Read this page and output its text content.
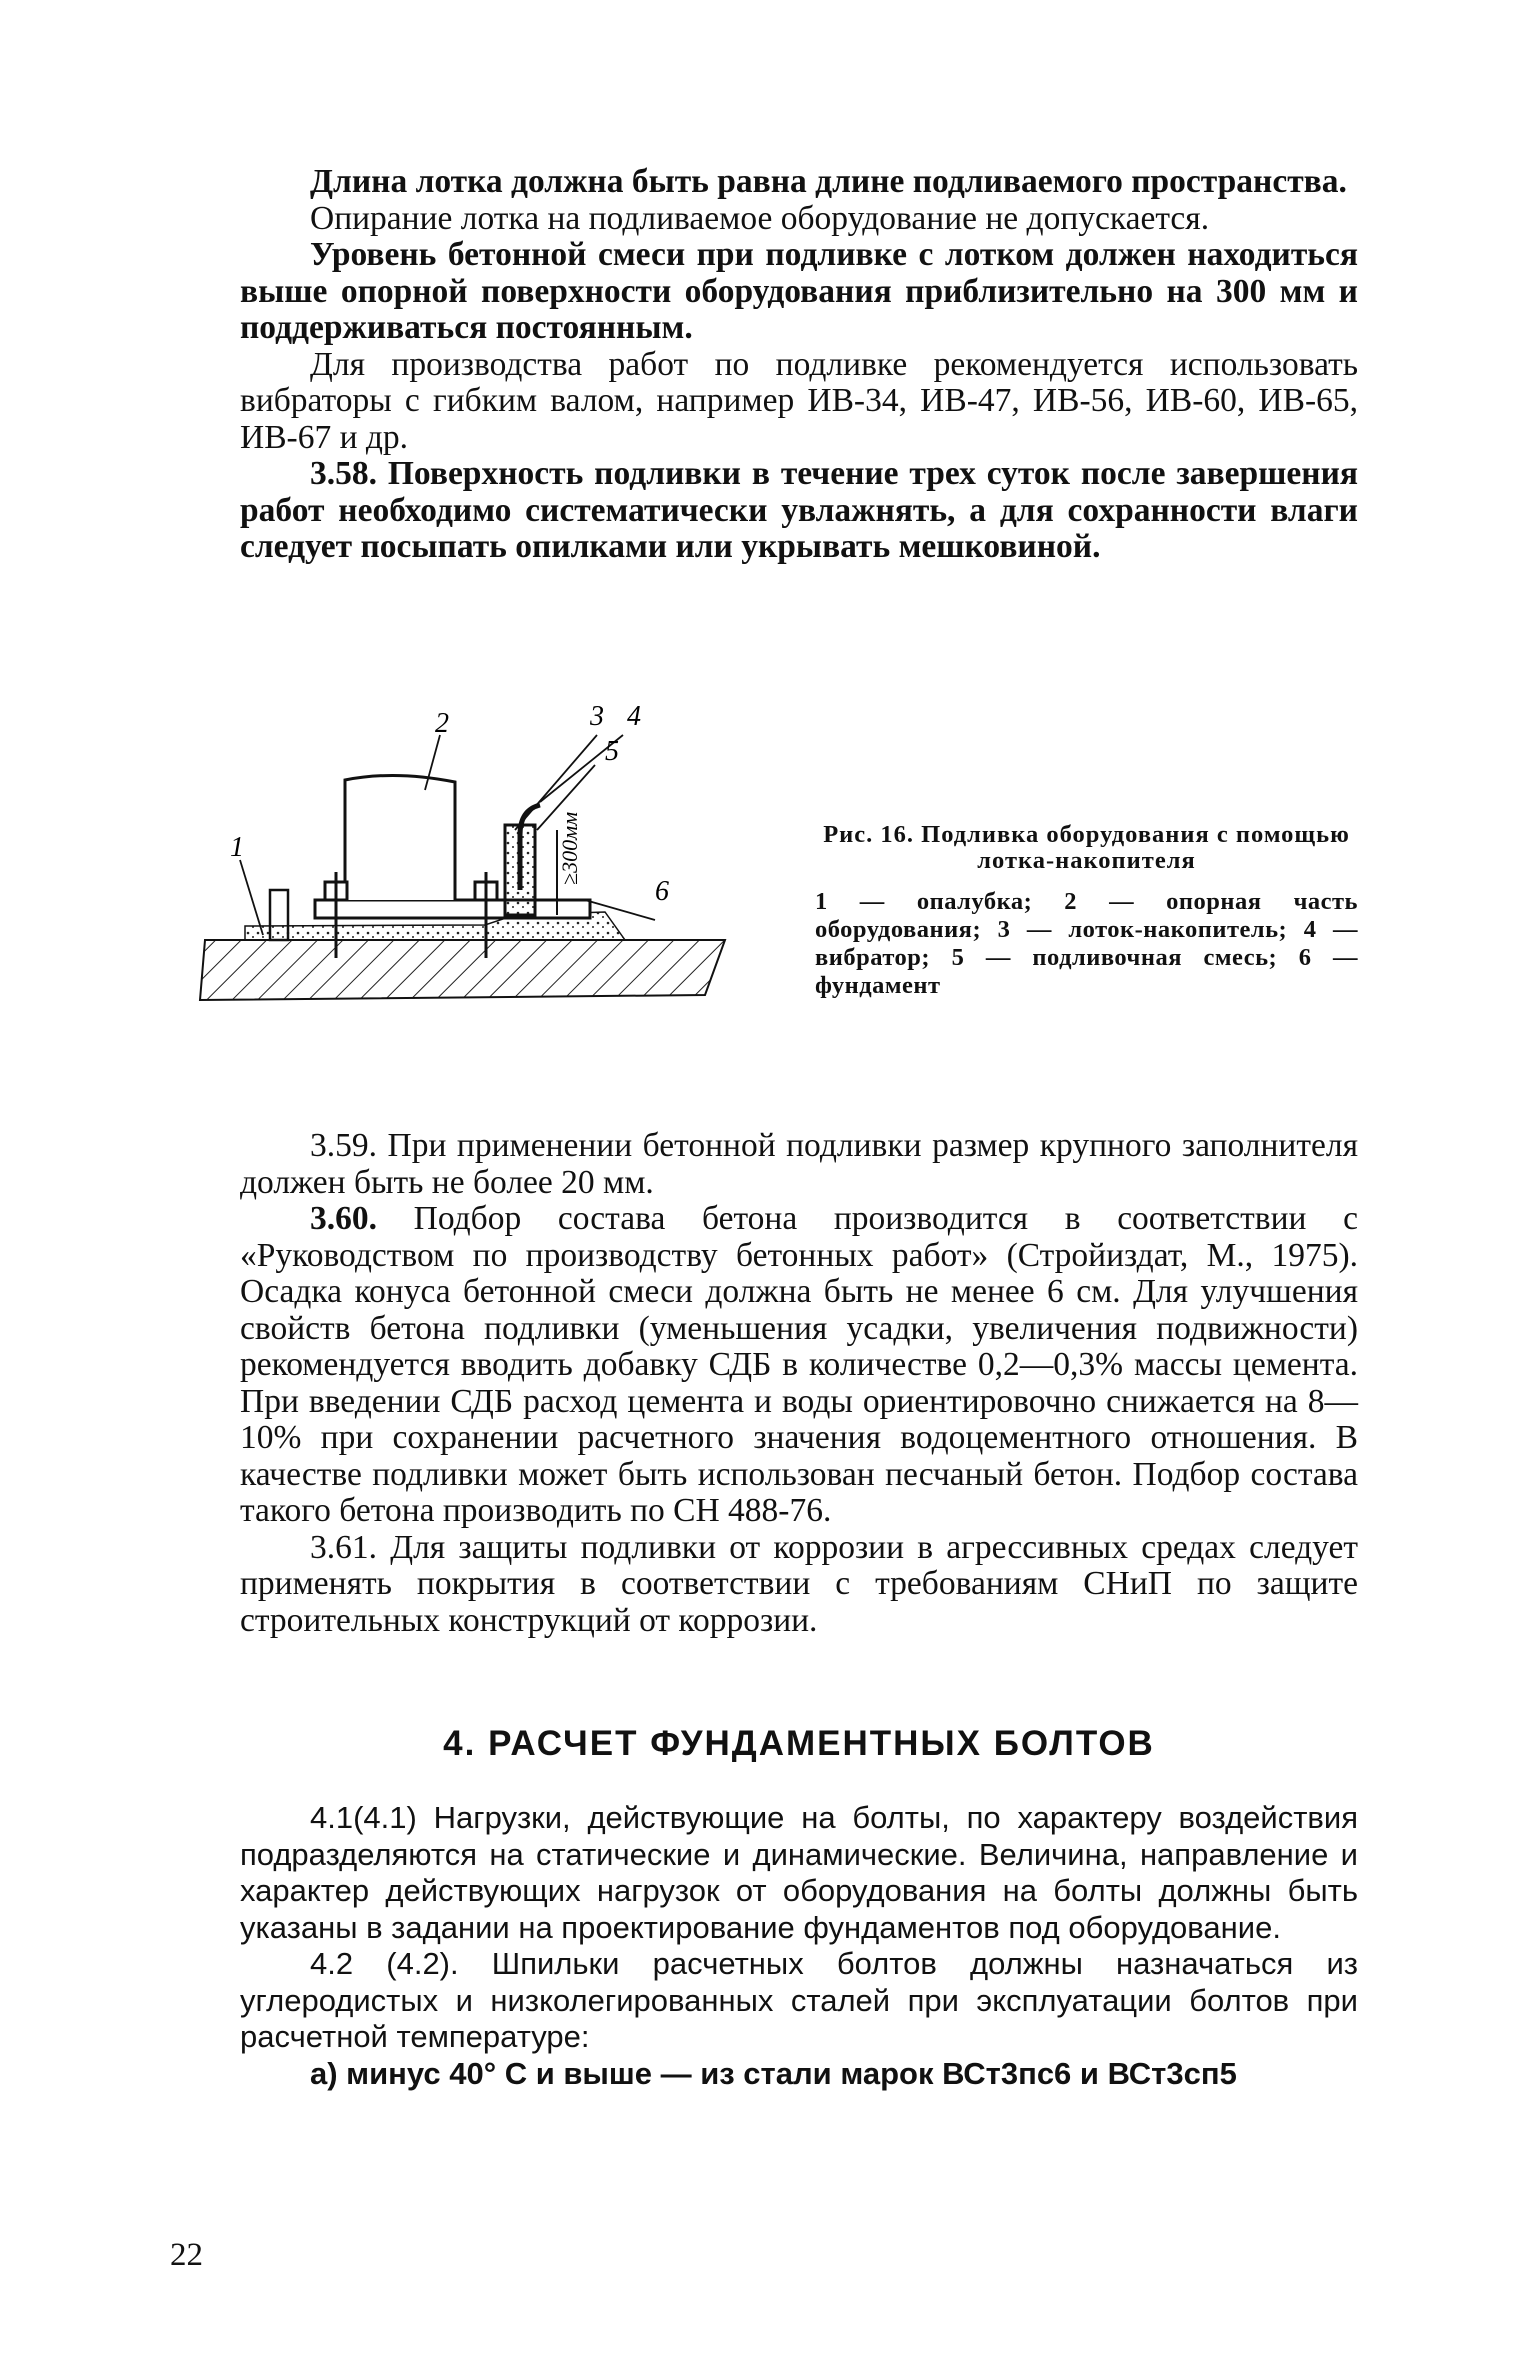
Длина лотка должна быть равна длине подливаемого пространства.

Опирание лотка на подливаемое оборудование не допускается.

Уровень бетонной смеси при подливке с лотком должен находиться выше опорной поверхности оборудования приблизительно на 300 мм и поддерживаться постоянным.

Для производства работ по подливке рекомендуется использовать вибраторы с гибким валом, например ИВ-34, ИВ-47, ИВ-56, ИВ-60, ИВ-65, ИВ-67 и др.

3.58. Поверхность подливки в течение трех суток после завершения работ необходимо систематически увлажнять, а для сохранности влаги следует посыпать опилками или укрывать мешковиной.

≥300мм
1
2	3 4
5
6
Рис. 16. Подливка оборудования с помощью лотка-накопителя
1 — опалубка; 2 — опорная часть оборудования; 3 — лоток-накопитель; 4 — вибратор; 5 — подливочная смесь; 6 — фундамент

3.59. При применении бетонной подливки размер крупного заполнителя должен быть не более 20 мм.

3.60. Подбор состава бетона производится в соответствии с «Руководством по производству бетонных работ» (Стройиздат, М., 1975). Осадка конуса бетонной смеси должна быть не менее 6 см. Для улучшения свойств бетона подливки (уменьшения усадки, увеличения подвижности) рекомендуется вводить добавку СДБ в количестве 0,2—0,3% массы цемента. При введении СДБ расход цемента и воды ориентировочно снижается на 8—10% при сохранении расчетного значения водоцементного отношения. В качестве подливки может быть использован песчаный бетон. Подбор состава такого бетона производить по СН 488-76.

3.61. Для защиты подливки от коррозии в агрессивных средах следует применять покрытия в соответствии с требованиям СНиП по защите строительных конструкций от коррозии.

4. РАСЧЕТ ФУНДАМЕНТНЫХ БОЛТОВ

4.1(4.1) Нагрузки, действующие на болты, по характеру воздействия подразделяются на статические и динамические. Величина, направление и характер действующих нагрузок от оборудования на болты должны быть указаны в задании на проектирование фундаментов под оборудование.

4.2 (4.2). Шпильки расчетных болтов должны назначаться из углеродистых и низколегированных сталей при эксплуатации болтов при расчетной температуре:

а) минус 40° С и выше — из стали марок ВСт3пс6 и ВСт3сп5

22
